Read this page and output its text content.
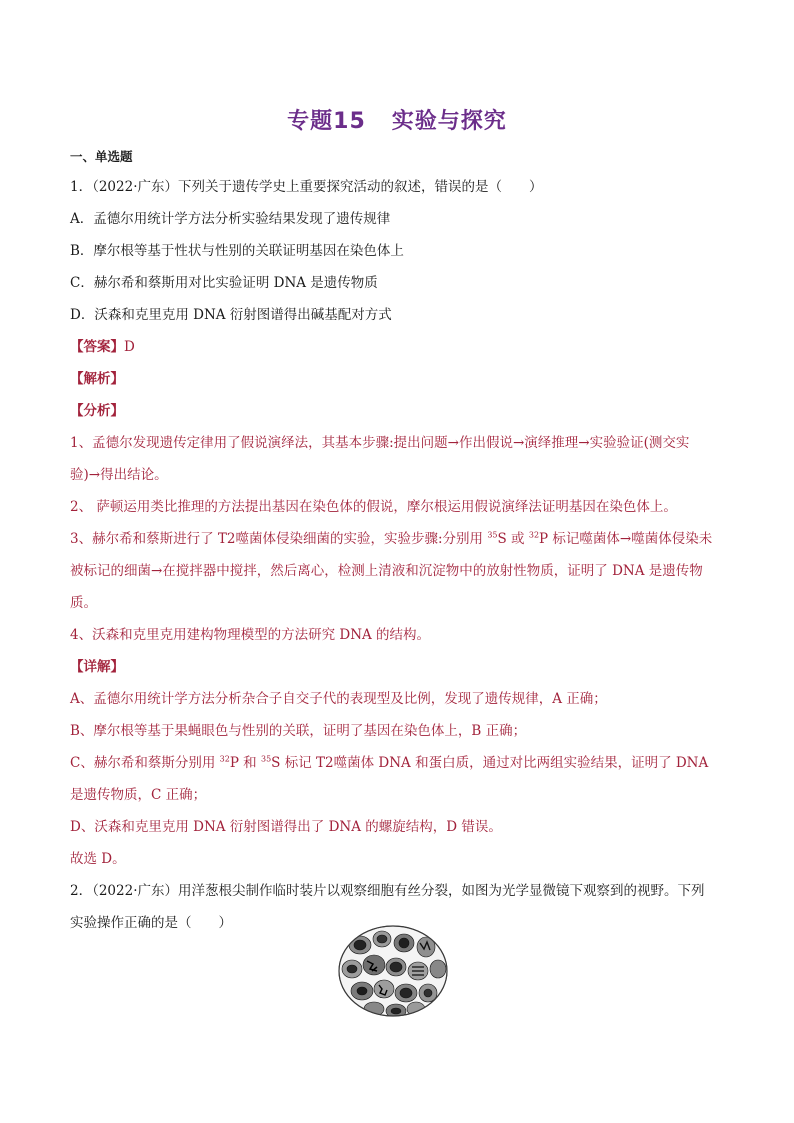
专题15 实验与探究
一、单选题
1．（2022·广东）下列关于遗传学史上重要探究活动的叙述，错误的是（　　）
A．孟德尔用统计学方法分析实验结果发现了遗传规律
B．摩尔根等基于性状与性别的关联证明基因在染色体上
C．赫尔希和蔡斯用对比实验证明 DNA 是遗传物质
D．沃森和克里克用 DNA 衍射图谱得出碱基配对方式
【答案】D
【解析】
【分析】
1、孟德尔发现遗传定律用了假说演绎法，其基本步骤:提出问题→作出假说→演绎推理→实验验证(测交实
验)→得出结论。
2、 萨顿运用类比推理的方法提出基因在染色体的假说，摩尔根运用假说演绎法证明基因在染色体上。
3、赫尔希和蔡斯进行了 T2噬菌体侵染细菌的实验，实验步骤:分别用 $^{35}$S 或 $^{32}$P 标记噬菌体→噬菌体侵染未
被标记的细菌→在搅拌器中搅拌，然后离心，检测上清液和沉淀物中的放射性物质，证明了 DNA 是遗传物
质。
4、沃森和克里克用建构物理模型的方法研究 DNA 的结构。
【详解】
A、孟德尔用统计学方法分析杂合子自交子代的表现型及比例，发现了遗传规律，A 正确；
B、摩尔根等基于果蝇眼色与性别的关联，证明了基因在染色体上，B 正确；
C、赫尔希和蔡斯分别用 $^{32}$P 和 $^{35}$S 标记 T2噬菌体 DNA 和蛋白质，通过对比两组实验结果，证明了 DNA
是遗传物质，C 正确；
D、沃森和克里克用 DNA 衍射图谱得出了 DNA 的螺旋结构，D 错误。
故选 D。
2．（2022·广东）用洋葱根尖制作临时装片以观察细胞有丝分裂，如图为光学显微镜下观察到的视野。下列
实验操作正确的是（　　）
